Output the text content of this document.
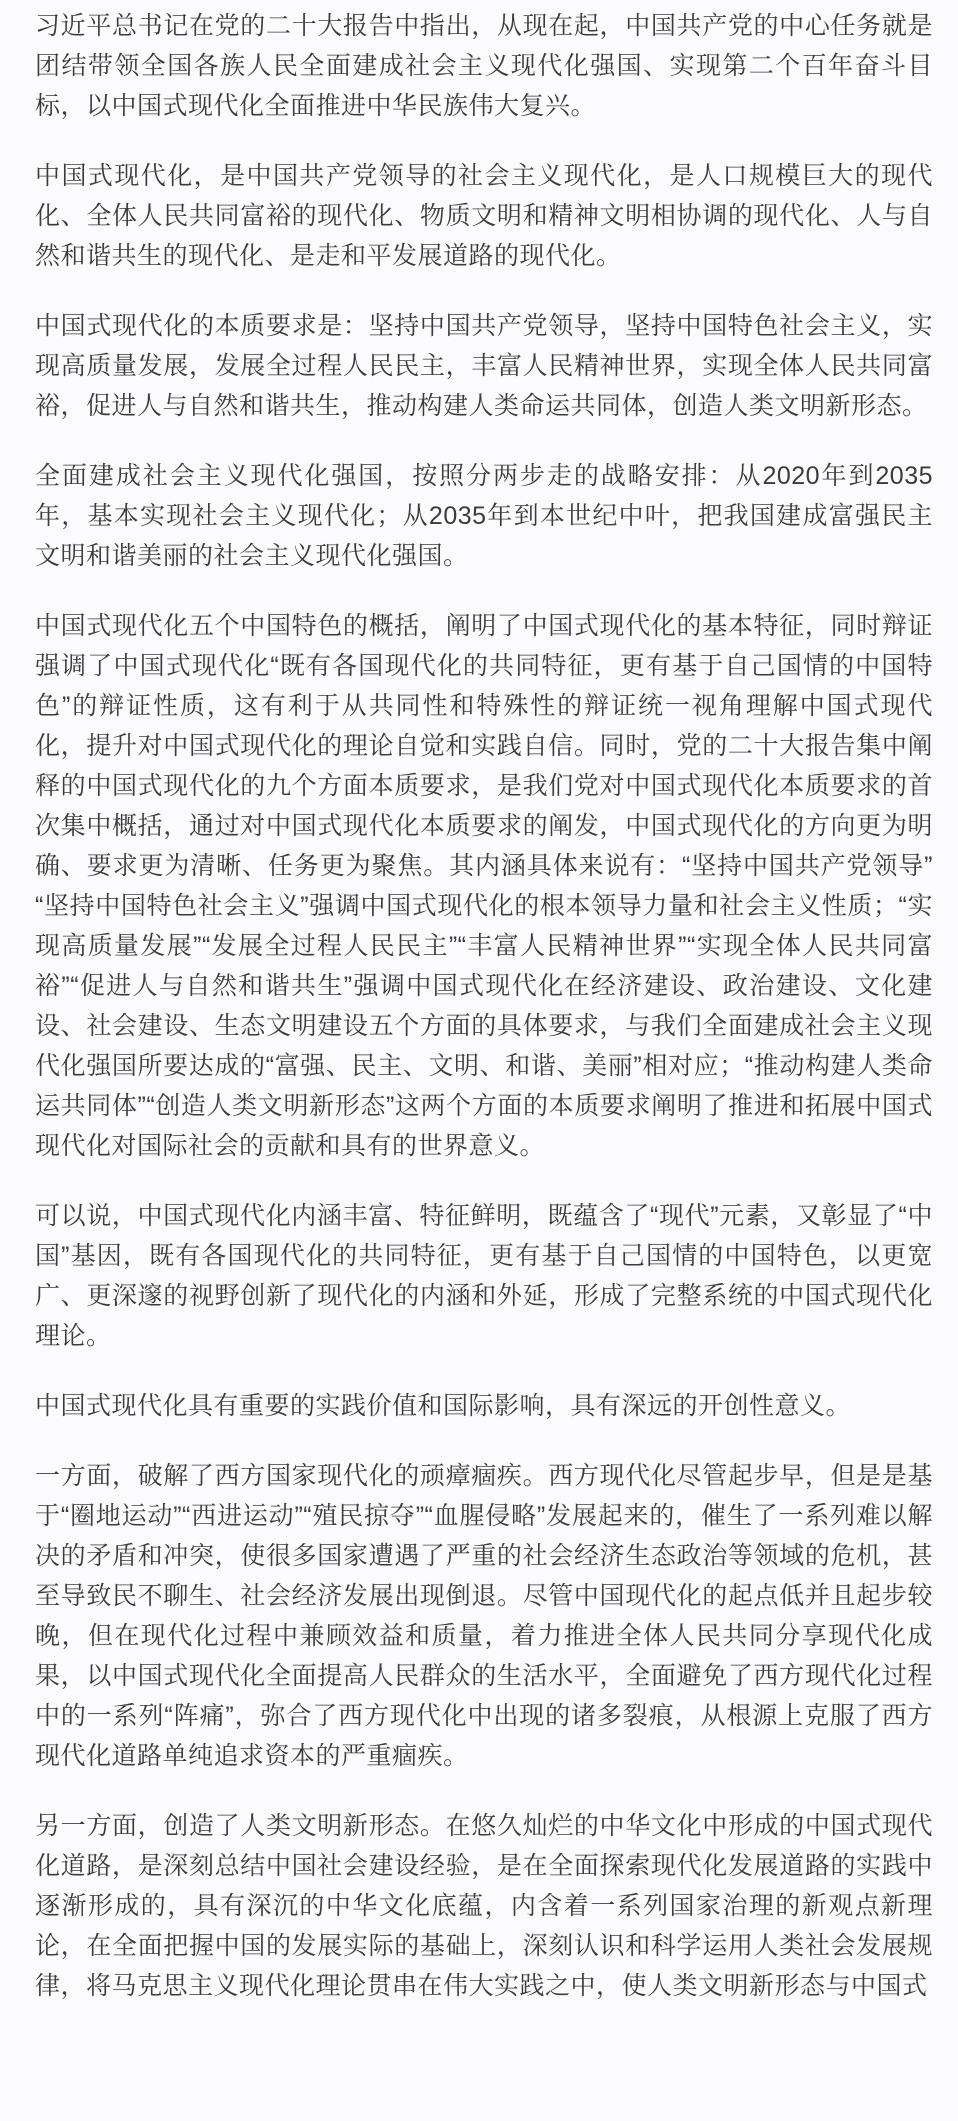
习近平总书记在党的二十大报告中指出，从现在起，中国共产党的中心任务就是团结带领全国各族人民全面建成社会主义现代化强国、实现第二个百年奋斗目标，以中国式现代化全面推进中华民族伟大复兴。

中国式现代化，是中国共产党领导的社会主义现代化，是人口规模巨大的现代化、全体人民共同富裕的现代化、物质文明和精神文明相协调的现代化、人与自然和谐共生的现代化、是走和平发展道路的现代化。

中国式现代化的本质要求是：坚持中国共产党领导，坚持中国特色社会主义，实现高质量发展，发展全过程人民民主，丰富人民精神世界，实现全体人民共同富裕，促进人与自然和谐共生，推动构建人类命运共同体，创造人类文明新形态。

全面建成社会主义现代化强国，按照分两步走的战略安排：从2020年到2035年，基本实现社会主义现代化；从2035年到本世纪中叶，把我国建成富强民主文明和谐美丽的社会主义现代化强国。

中国式现代化五个中国特色的概括，阐明了中国式现代化的基本特征，同时辩证强调了中国式现代化“既有各国现代化的共同特征，更有基于自己国情的中国特色”的辩证性质，这有利于从共同性和特殊性的辩证统一视角理解中国式现代化，提升对中国式现代化的理论自觉和实践自信。同时，党的二十大报告集中阐释的中国式现代化的九个方面本质要求，是我们党对中国式现代化本质要求的首次集中概括，通过对中国式现代化本质要求的阐发，中国式现代化的方向更为明确、要求更为清晰、任务更为聚焦。其内涵具体来说有：“坚持中国共产党领导”“坚持中国特色社会主义”强调中国式现代化的根本领导力量和社会主义性质；“实现高质量发展”“发展全过程人民民主”“丰富人民精神世界”“实现全体人民共同富裕”“促进人与自然和谐共生”强调中国式现代化在经济建设、政治建设、文化建设、社会建设、生态文明建设五个方面的具体要求，与我们全面建成社会主义现代化强国所要达成的“富强、民主、文明、和谐、美丽”相对应；“推动构建人类命运共同体”“创造人类文明新形态”这两个方面的本质要求阐明了推进和拓展中国式现代化对国际社会的贡献和具有的世界意义。

可以说，中国式现代化内涵丰富、特征鲜明，既蕴含了“现代”元素，又彰显了“中国”基因，既有各国现代化的共同特征，更有基于自己国情的中国特色，以更宽广、更深邃的视野创新了现代化的内涵和外延，形成了完整系统的中国式现代化理论。

中国式现代化具有重要的实践价值和国际影响，具有深远的开创性意义。

一方面，破解了西方国家现代化的顽瘴痼疾。西方现代化尽管起步早，但是是基于“圈地运动”“西进运动”“殖民掠夺”“血腥侵略”发展起来的，催生了一系列难以解决的矛盾和冲突，使很多国家遭遇了严重的社会经济生态政治等领域的危机，甚至导致民不聊生、社会经济发展出现倒退。尽管中国现代化的起点低并且起步较晚，但在现代化过程中兼顾效益和质量，着力推进全体人民共同分享现代化成果，以中国式现代化全面提高人民群众的生活水平，全面避免了西方现代化过程中的一系列“阵痛”，弥合了西方现代化中出现的诸多裂痕，从根源上克服了西方现代化道路单纯追求资本的严重痼疾。

另一方面，创造了人类文明新形态。在悠久灿烂的中华文化中形成的中国式现代化道路，是深刻总结中国社会建设经验，是在全面探索现代化发展道路的实践中逐渐形成的，具有深沉的中华文化底蕴，内含着一系列国家治理的新观点新理论，在全面把握中国的发展实际的基础上，深刻认识和科学运用人类社会发展规律，将马克思主义现代化理论贯串在伟大实践之中，使人类文明新形态与中国式
